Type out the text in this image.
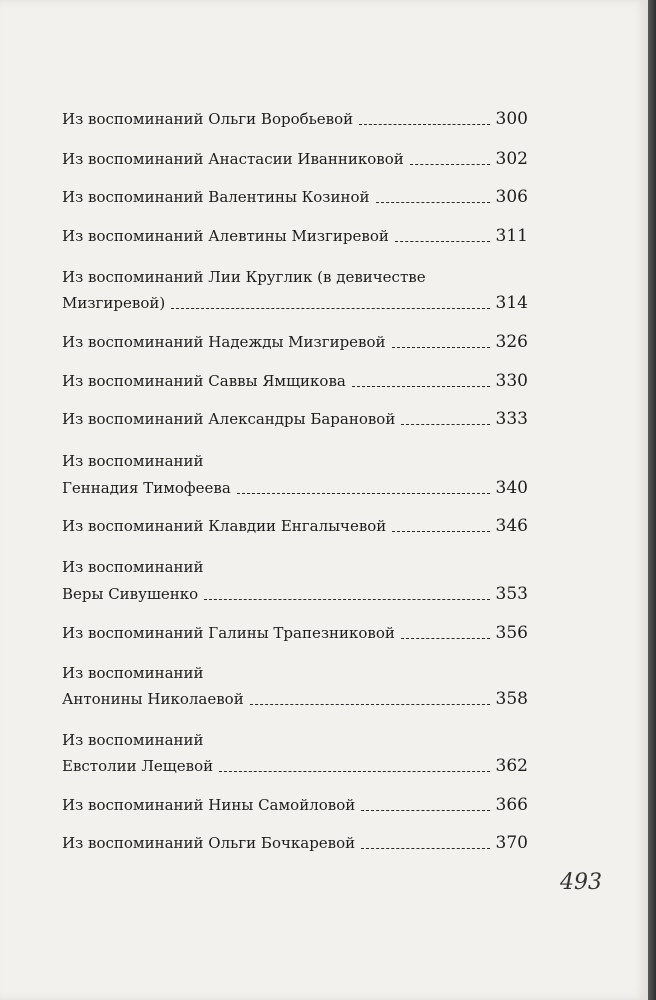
Из воспоминаний Ольги Воробьевой	300
Из воспоминаний Анастасии Иванниковой	302
Из воспоминаний Валентины Козиной	306
Из воспоминаний Алевтины Мизгиревой	311
Из воспоминаний Лии Круглик (в девичестве
Мизгиревой)	314
Из воспоминаний Надежды Мизгиревой	326
Из воспоминаний Саввы Ямщикова	330
Из воспоминаний Александры Барановой	333
Из воспоминаний
Геннадия Тимофеева	340
Из воспоминаний Клавдии Енгалычевой	346
Из воспоминаний
Веры Сивушенко	353
Из воспоминаний Галины Трапезниковой	356
Из воспоминаний
Антонины Николаевой	358
Из воспоминаний
Евстолии Лещевой	362
Из воспоминаний Нины Самойловой	366
Из воспоминаний Ольги Бочкаревой	370
493
